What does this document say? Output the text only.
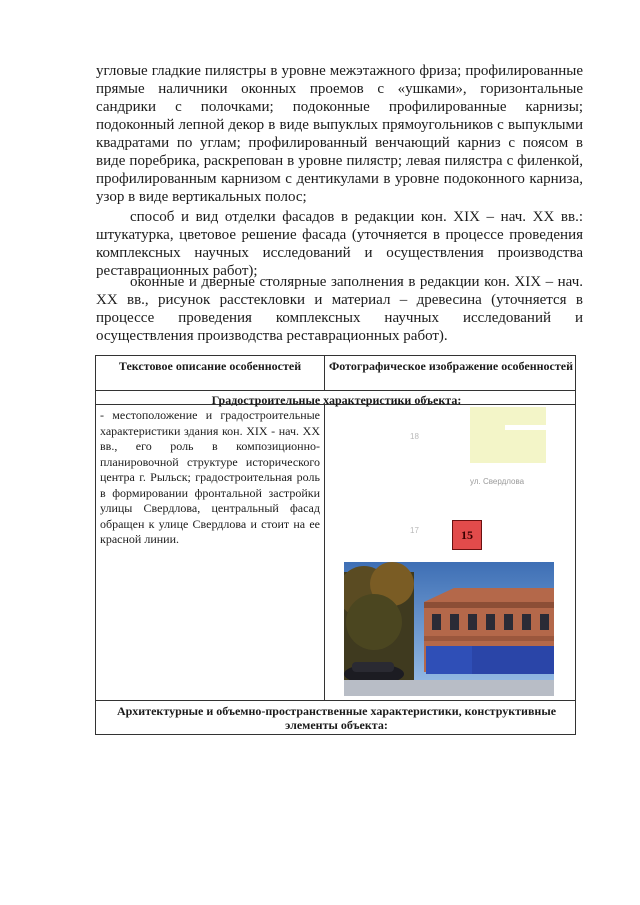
угловые гладкие пилястры в уровне межэтажного фриза; профилированные прямые наличники оконных проемов с «ушками», горизонтальные сандрики с полочками; подоконные профилированные карнизы; подоконный лепной декор в виде выпуклых прямоугольников с выпуклыми квадратами по углам; профилированный венчающий карниз с поясом в виде поребрика, раскрепован в уровне пилястр; левая пилястра с филенкой, профилированным карнизом с дентикулами в уровне подоконного карниза, узор в виде вертикальных полос;
способ и вид отделки фасадов в редакции кон. XIX – нач. XX вв.: штукатурка, цветовое решение фасада (уточняется в процессе проведения комплексных научных исследований и осуществления производства реставрационных работ);
оконные и дверные столярные заполнения в редакции кон. XIX – нач. XX вв., рисунок расстекловки и материал – древесина (уточняется в процессе проведения комплексных научных исследований и осуществления производства реставрационных работ).
Текстовое описание особенностей	Фотографическое изображение особенностей
Градостроительные характеристики объекта:
- местоположение и градостроительные характеристики здания кон. XIX - нач. XX вв., его роль в композиционно-планировочной структуре исторического центра г. Рыльск; градостроительная роль в формировании фронтальной застройки улицы Свердлова, центральный фасад обращен к улице Свердлова и стоит на ее красной линии.
Архитектурные и объемно-пространственные характеристики, конструктивные элементы объекта:
18
17
ул. Свердлова
15
